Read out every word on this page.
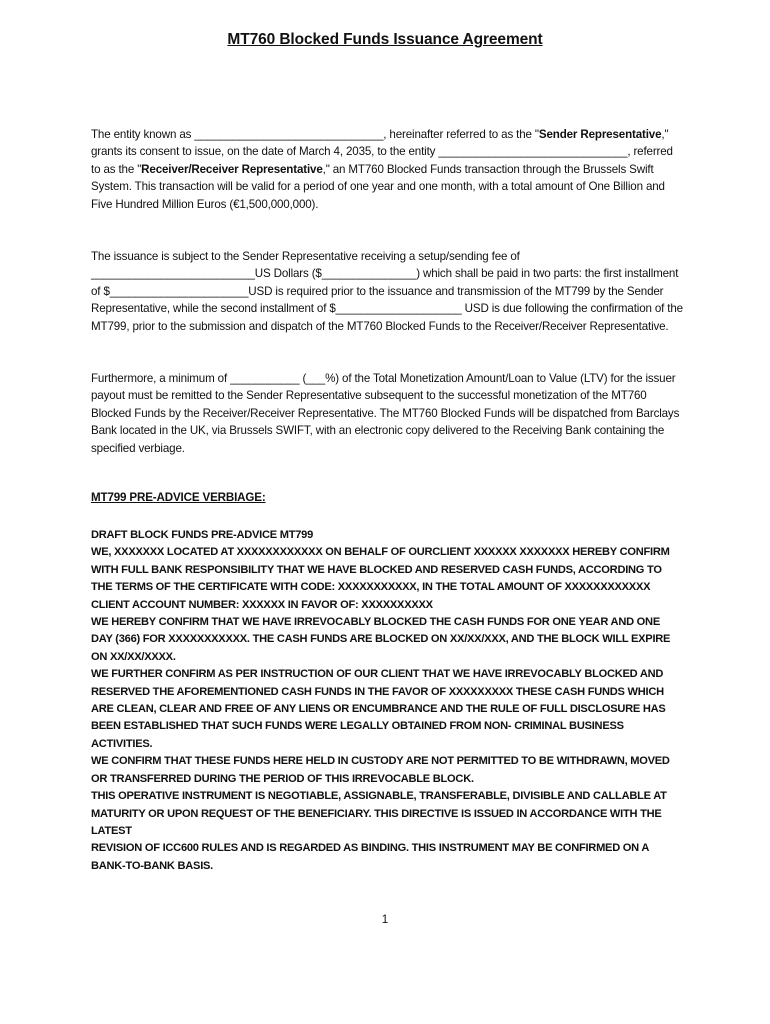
MT760 Blocked Funds Issuance Agreement

The entity known as ______________________________, hereinafter referred to as the "Sender Representative," grants its consent to issue, on the date of March 4, 2035, to the entity ______________________________, referred to as the "Receiver/Receiver Representative," an MT760 Blocked Funds transaction through the Brussels Swift System. This transaction will be valid for a period of one year and one month, with a total amount of One Billion and Five Hundred Million Euros (€1,500,000,000).

The issuance is subject to the Sender Representative receiving a setup/sending fee of __________________________US Dollars ($_______________) which shall be paid in two parts: the first installment of $______________________USD is required prior to the issuance and transmission of the MT799 by the Sender Representative, while the second installment of $____________________ USD is due following the confirmation of the MT799, prior to the submission and dispatch of the MT760 Blocked Funds to the Receiver/Receiver Representative.

Furthermore, a minimum of ___________ (___%) of the Total Monetization Amount/Loan to Value (LTV) for the issuer payout must be remitted to the Sender Representative subsequent to the successful monetization of the MT760 Blocked Funds by the Receiver/Receiver Representative. The MT760 Blocked Funds will be dispatched from Barclays Bank located in the UK, via Brussels SWIFT, with an electronic copy delivered to the Receiving Bank containing the specified verbiage.

MT799 PRE-ADVICE VERBIAGE:
DRAFT BLOCK FUNDS PRE-ADVICE MT799
WE, XXXXXXX LOCATED AT XXXXXXXXXXXX ON BEHALF OF OURCLIENT XXXXXX XXXXXXX HEREBY CONFIRM WITH FULL BANK RESPONSIBILITY THAT WE HAVE BLOCKED AND RESERVED CASH FUNDS, ACCORDING TO THE TERMS OF THE CERTIFICATE WITH CODE: XXXXXXXXXXX, IN THE TOTAL AMOUNT OF XXXXXXXXXXXX CLIENT ACCOUNT NUMBER: XXXXXX IN FAVOR OF: XXXXXXXXXX
WE HEREBY CONFIRM THAT WE HAVE IRREVOCABLY BLOCKED THE CASH FUNDS FOR ONE YEAR AND ONE DAY (366) FOR XXXXXXXXXXX. THE CASH FUNDS ARE BLOCKED ON XX/XX/XXX, AND THE BLOCK WILL EXPIRE ON XX/XX/XXXX.
WE FURTHER CONFIRM AS PER INSTRUCTION OF OUR CLIENT THAT WE HAVE IRREVOCABLY BLOCKED AND RESERVED THE AFOREMENTIONED CASH FUNDS IN THE FAVOR OF XXXXXXXXX THESE CASH FUNDS WHICH ARE CLEAN, CLEAR AND FREE OF ANY LIENS OR ENCUMBRANCE AND THE RULE OF FULL DISCLOSURE HAS BEEN ESTABLISHED THAT SUCH FUNDS WERE LEGALLY OBTAINED FROM NON- CRIMINAL BUSINESS ACTIVITIES.
WE CONFIRM THAT THESE FUNDS HERE HELD IN CUSTODY ARE NOT PERMITTED TO BE WITHDRAWN, MOVED OR TRANSFERRED DURING THE PERIOD OF THIS IRREVOCABLE BLOCK.
THIS OPERATIVE INSTRUMENT IS NEGOTIABLE, ASSIGNABLE, TRANSFERABLE, DIVISIBLE AND CALLABLE AT MATURITY OR UPON REQUEST OF THE BENEFICIARY. THIS DIRECTIVE IS ISSUED IN ACCORDANCE WITH THE LATEST
REVISION OF ICC600 RULES AND IS REGARDED AS BINDING. THIS INSTRUMENT MAY BE CONFIRMED ON A BANK-TO-BANK BASIS.
1
